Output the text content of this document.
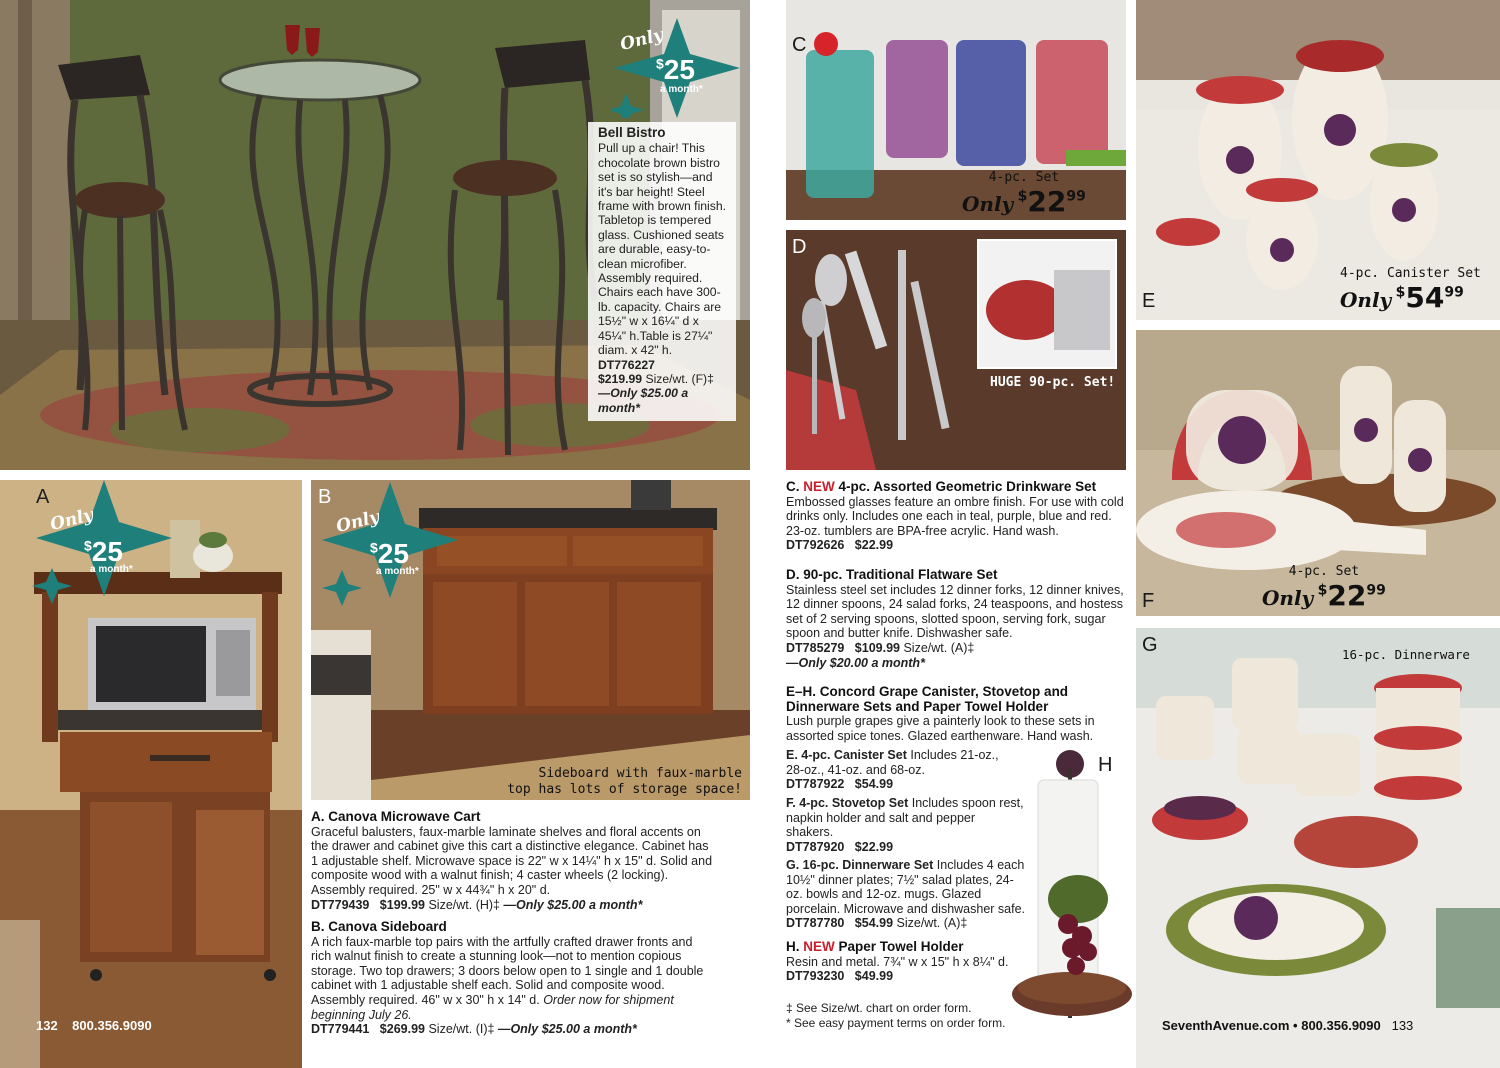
Only
$25
a month*
Bell Bistro
Pull up a chair! This chocolate brown bistro set is so stylish—and it's bar height! Steel frame with brown finish. Tabletop is tempered glass. Cushioned seats are durable, easy-to-clean microfiber. Assembly required. Chairs each have 300-lb. capacity. Chairs are 15½" w x 16¼" d x 45¼" h.Table is 27¼" diam. x 42" h.
DT776227
$219.99 Size/wt. (F)‡
—Only $25.00 a month*
A
Only
$25
a month*
B
Only
$25
a month*
Sideboard with faux-marble
top has lots of storage space!
A. Canova Microwave Cart
Graceful balusters, faux-marble laminate shelves and floral accents on the drawer and cabinet give this cart a distinctive elegance. Cabinet has 1 adjustable shelf. Microwave space is 22" w x 14¼" h x 15" d. Solid and composite wood with a walnut finish; 4 caster wheels (2 locking). Assembly required. 25" w x 44¾" h x 20" d.
DT779439 $199.99 Size/wt. (H)‡ —Only $25.00 a month*
B. Canova Sideboard
A rich faux-marble top pairs with the artfully crafted drawer fronts and rich walnut finish to create a stunning look—not to mention copious storage. Two top drawers; 3 doors below open to 1 single and 1 double cabinet with 1 adjustable shelf each. Solid and composite wood. Assembly required. 46" w x 30" h x 14" d. Order now for shipment beginning July 26.
DT779441 $269.99 Size/wt. (I)‡ —Only $25.00 a month*
132 800.356.9090
C
4-pc. Set
Only $^{\$}22^{99}$
D
HUGE 90-pc. Set!
E
4-pc. Canister Set
Only $^{\$}54^{99}$
F
4-pc. Set
Only $^{\$}22^{99}$
G	16-pc. Dinnerware
H
C. NEW 4-pc. Assorted Geometric Drinkware Set
Embossed glasses feature an ombre finish. For use with cold drinks only. Includes one each in teal, purple, blue and red. 23-oz. tumblers are BPA-free acrylic. Hand wash.
DT792626 $22.99
D. 90-pc. Traditional Flatware Set
Stainless steel set includes 12 dinner forks, 12 dinner knives, 12 dinner spoons, 24 salad forks, 24 teaspoons, and hostess set of 2 serving spoons, slotted spoon, serving fork, sugar spoon and butter knife. Dishwasher safe.
DT785279 $109.99 Size/wt. (A)‡
—Only $20.00 a month*
E–H. Concord Grape Canister, Stovetop and Dinnerware Sets and Paper Towel Holder
Lush purple grapes give a painterly look to these sets in assorted spice tones. Glazed earthenware. Hand wash.
E. 4-pc. Canister Set Includes 21-oz., 28-oz., 41-oz. and 68-oz.
DT787922 $54.99
F. 4-pc. Stovetop Set Includes spoon rest, napkin holder and salt and pepper shakers.
DT787920 $22.99
G. 16-pc. Dinnerware Set Includes 4 each 10½" dinner plates; 7½" salad plates, 24-oz. bowls and 12-oz. mugs. Glazed porcelain. Microwave and dishwasher safe.
DT787780 $54.99 Size/wt. (A)‡
H. NEW Paper Towel Holder
Resin and metal. 7¾" w x 15" h x 8¼" d.
DT793230 $49.99
‡ See Size/wt. chart on order form.
* See easy payment terms on order form.	SeventhAvenue.com • 800.356.9090 133
